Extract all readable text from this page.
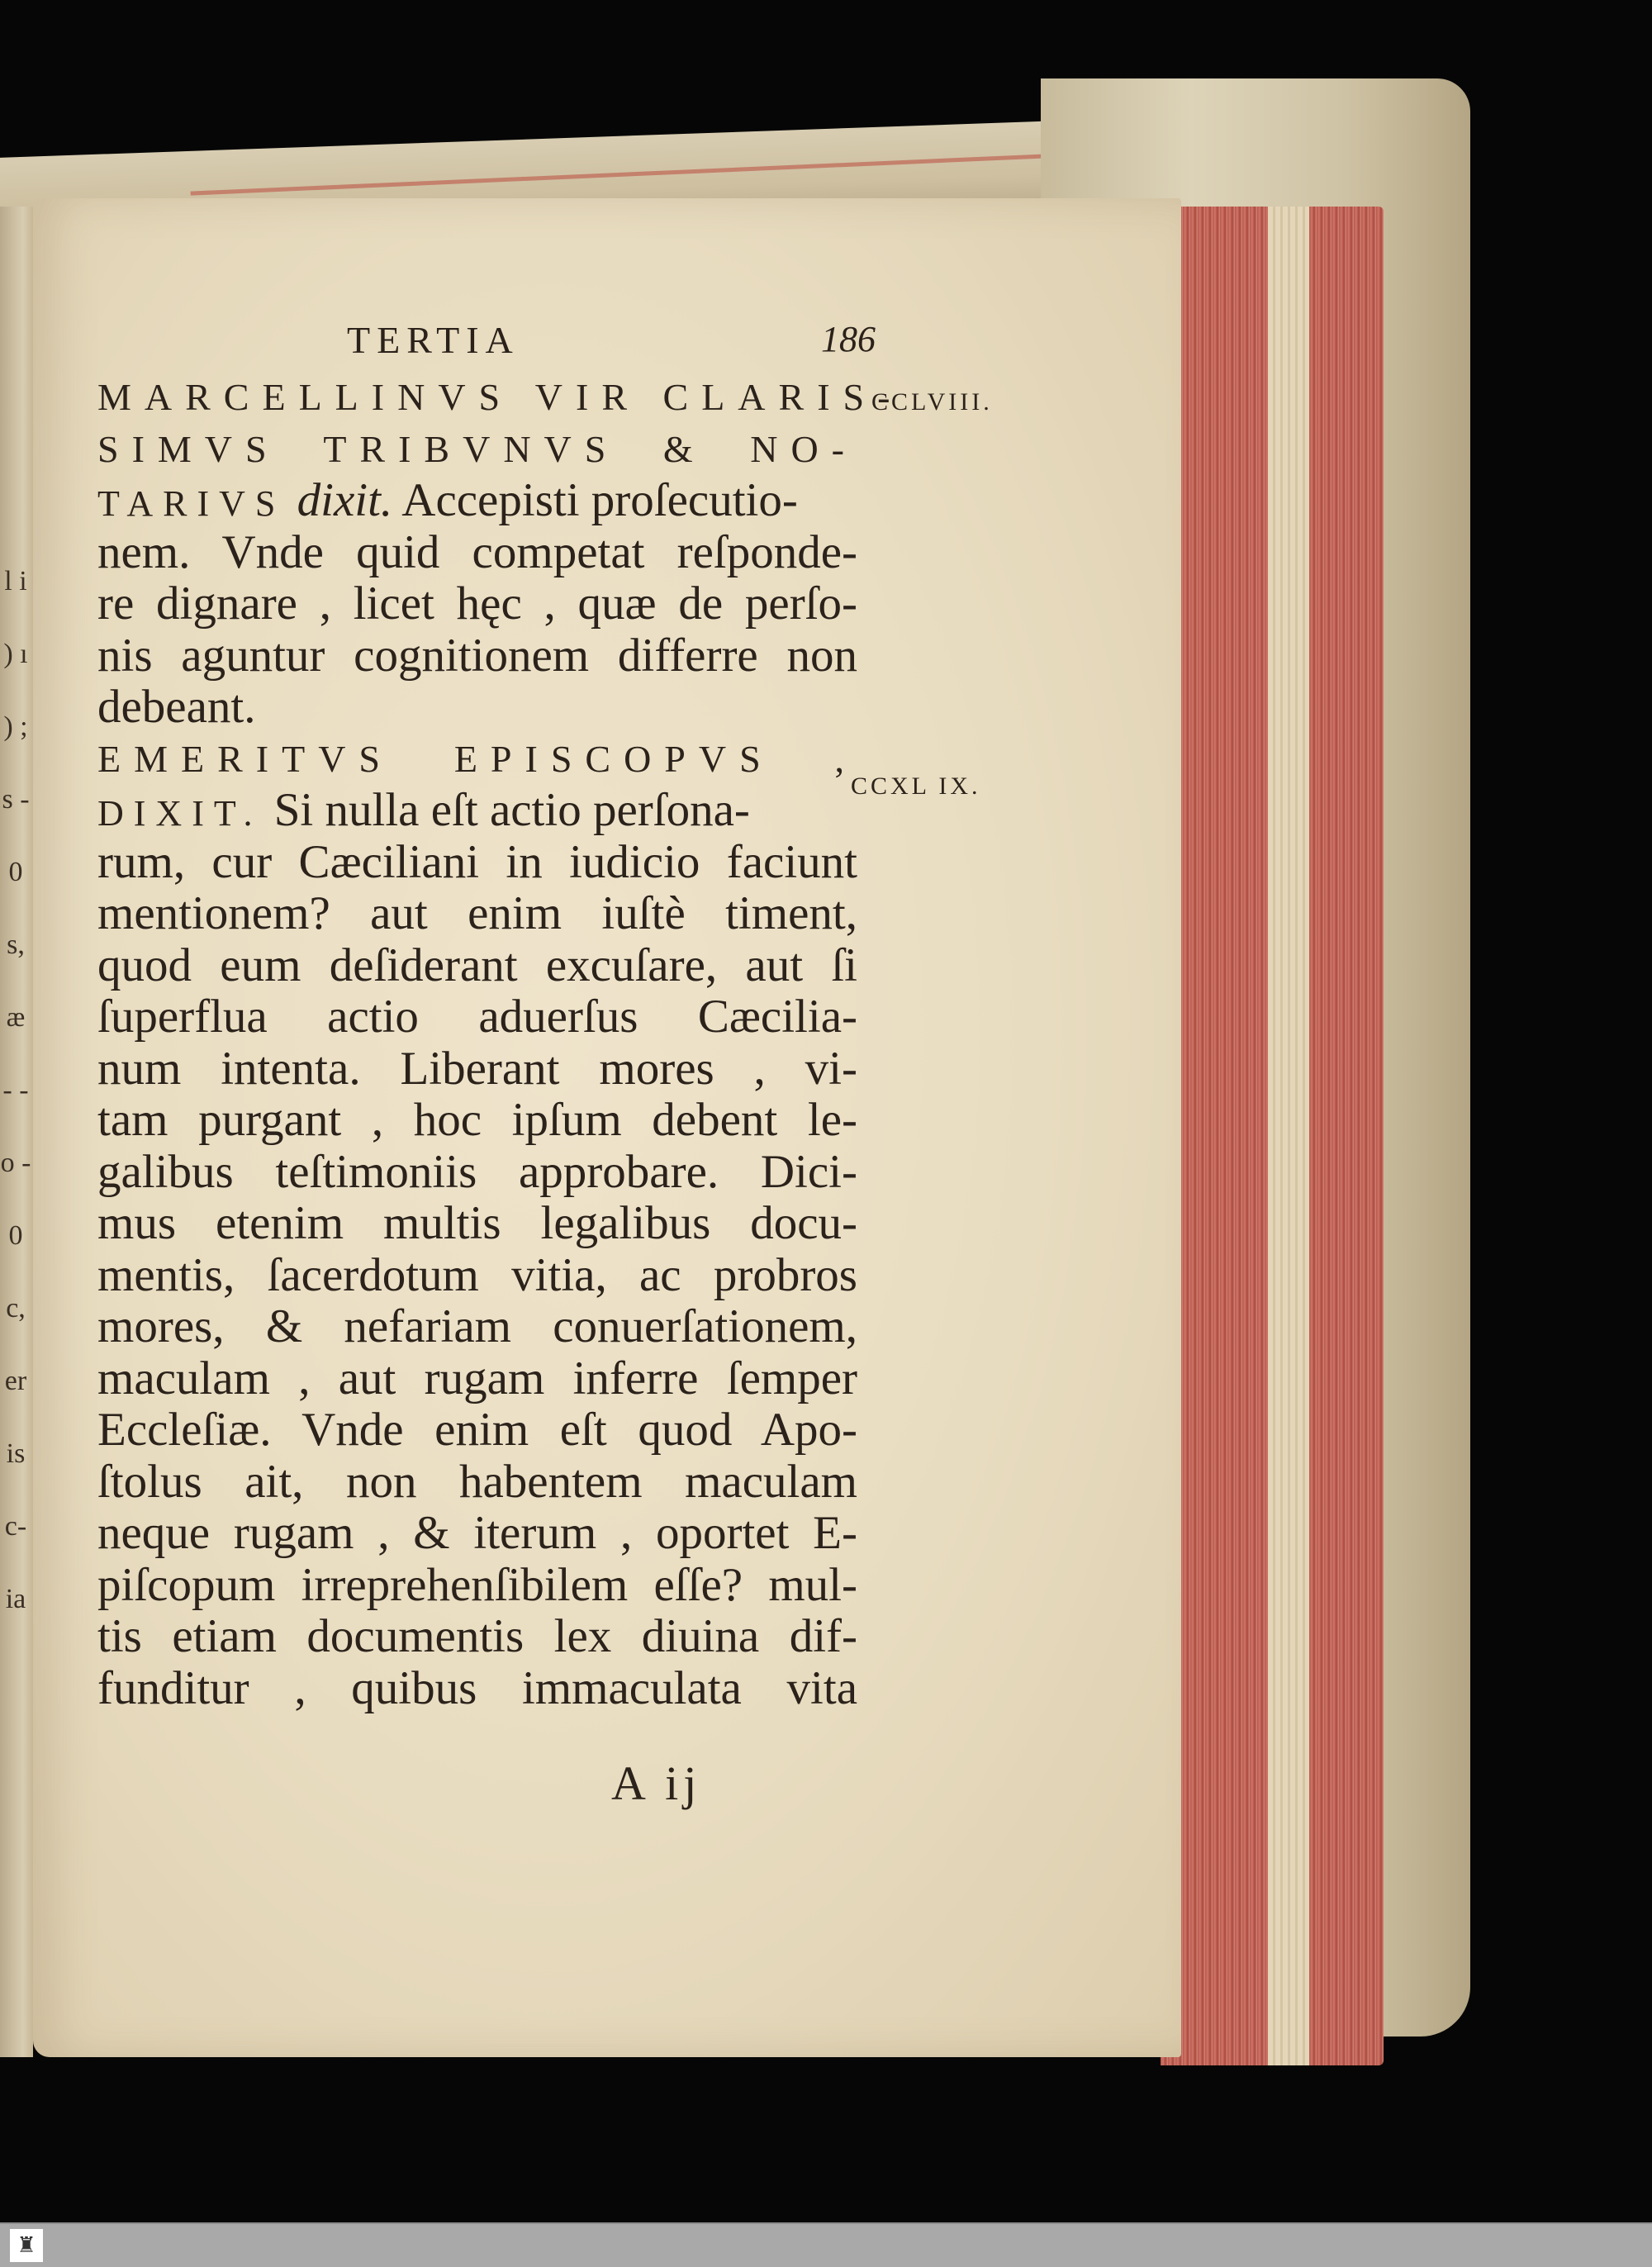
l i ) ı ) ; s - 0 s, æ - - o - 0 c, er is c- ia
TERTIA	186
CCLVIII.
CCXL IX.
MARCELLINVS VIR CLARIS-
SIMVS TRIBVNVS & NO-
TARIVS dixit. Accepisti proſecutio-
nem. Vnde quid competat reſponde-
re dignare , licet hęc , quæ de perſo-
nis aguntur cognitionem differre non
debeant.
EMERITVS EPISCOPVS ,
DIXIT. Si nulla eſt actio perſona-
rum, cur Cæciliani in iudicio faciunt
mentionem? aut enim iuſtè timent,
quod eum deſiderant excuſare, aut ſi
ſuperflua actio aduerſus Cæcilia-
num intenta. Liberant mores , vi-
tam purgant , hoc ipſum debent le-
galibus teſtimoniis approbare. Dici-
mus etenim multis legalibus docu-
mentis, ſacerdotum vitia, ac probros
mores, & nefariam conuerſationem,
maculam , aut rugam inferre ſemper
Eccleſiæ. Vnde enim eſt quod Apo-
ſtolus ait, non habentem maculam
neque rugam , & iterum , oportet E-
piſcopum irreprehenſibilem eſſe? mul-
tis etiam documentis lex diuina dif-
funditur , quibus immaculata vita
A ij
♜
